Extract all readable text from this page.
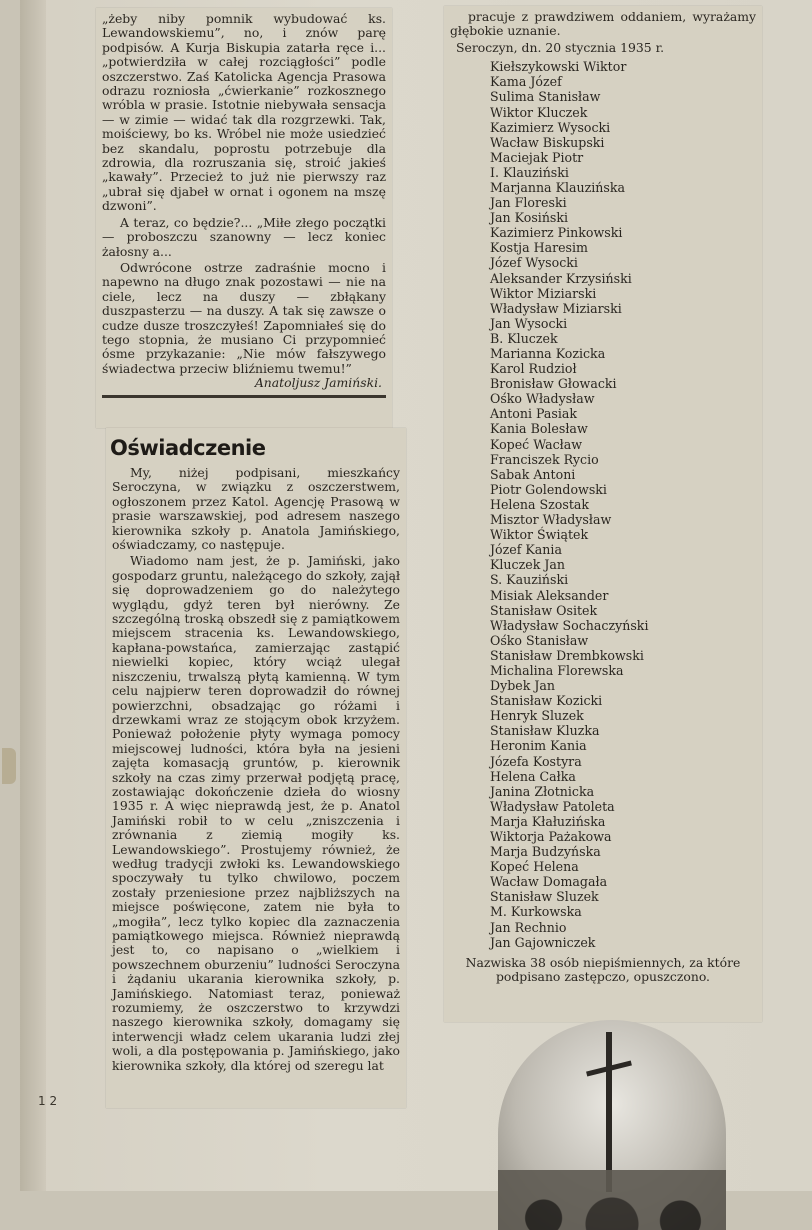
„żeby niby pomnik wybudować ks. Lewandowskiemu”, no, i znów parę podpisów. A Kurja Biskupia zatarła ręce i... „potwierdziła w całej rozciągłości” podle oszczerstwo. Zaś Katolicka Agencja Prasowa odrazu rozniosła „ćwierkanie” rozkosznego wróbla w prasie. Istotnie niebywała sensacja — w zimie — widać tak dla rozgrzewki. Tak, moiściewy, bo ks. Wróbel nie może usiedzieć bez skandalu, poprostu potrzebuje dla zdrowia, dla rozruszania się, stroić jakieś „kawały”. Przecież to już nie pierwszy raz „ubrał się djabeł w ornat i ogonem na mszę dzwoni”.

A teraz, co będzie?... „Miłe złego początki — proboszczu szanowny — lecz koniec żałosny a...

Odwrócone ostrze zadraśnie mocno i napewno na długo znak pozostawi — nie na ciele, lecz na duszy — zbłąkany duszpasterzu — na duszy. A tak się zawsze o cudze dusze troszczyłeś! Zapomniałeś się do tego stopnia, że musiano Ci przypomnieć ósme przykazanie: „Nie mów fałszywego świadectwa przeciw bliźniemu twemu!”

Anatoljusz Jamiński.
Oświadczenie

My, niżej podpisani, mieszkańcy Seroczyna, w związku z oszczerstwem, ogłoszonem przez Katol. Agencję Prasową w prasie warszawskiej, pod adresem naszego kierownika szkoły p. Anatola Jamińskiego, oświadczamy, co następuje.

Wiadomo nam jest, że p. Jamiński, jako gospodarz gruntu, należącego do szkoły, zajął się doprowadzeniem go do należytego wyglądu, gdyż teren był nierówny. Ze szczególną troską obszedł się z pamiątkowem miejscem stracenia ks. Lewandowskiego, kapłana-powstańca, zamierzając zastąpić niewielki kopiec, który wciąż ulegał niszczeniu, trwalszą płytą kamienną. W tym celu najpierw teren doprowadził do równej powierzchni, obsadzając go różami i drzewkami wraz ze stojącym obok krzyżem. Ponieważ położenie płyty wymaga pomocy miejscowej ludności, która była na jesieni zajęta komasacją gruntów, p. kierownik szkoły na czas zimy przerwał podjętą pracę, zostawiając dokończenie dzieła do wiosny 1935 r. A więc nieprawdą jest, że p. Anatol Jamiński robił to w celu „zniszczenia i zrównania z ziemią mogiły ks. Lewandowskiego”. Prostujemy również, że według tradycji zwłoki ks. Lewandowskiego spoczywały tu tylko chwilowo, poczem zostały przeniesione przez najbliższych na miejsce poświęcone, zatem nie była to „mogiła”, lecz tylko kopiec dla zaznaczenia pamiątkowego miejsca. Również nieprawdą jest to, co napisano o „wielkiem i powszechnem oburzeniu” ludności Seroczyna i żądaniu ukarania kierownika szkoły, p. Jamińskiego. Natomiast teraz, ponieważ rozumiemy, że oszczerstwo to krzywdzi naszego kierownika szkoły, domagamy się interwencji władz celem ukarania ludzi złej woli, a dla postępowania p. Jamińskiego, jako kierownika szkoły, dla której od szeregu lat

pracuje z prawdziwem oddaniem, wyrażamy głębokie uznanie.

Seroczyn, dn. 20 stycznia 1935 r.

Kiełszykowski Wiktor
Kama Józef
Sulima Stanisław
Wiktor Kluczek
Kazimierz Wysocki
Wacław Biskupski
Maciejak Piotr
I. Klauziński
Marjanna Klauzińska
Jan Floreski
Jan Kosiński
Kazimierz Pinkowski
Kostja Haresim
Józef Wysocki
Aleksander Krzysiński
Wiktor Miziarski
Władysław Miziarski
Jan Wysocki
B. Kluczek
Marianna Kozicka
Karol Rudzioł
Bronisław Głowacki
Ośko Władysław
Antoni Pasiak
Kania Bolesław
Kopeć Wacław
Franciszek Rycio
Sabak Antoni
Piotr Golendowski
Helena Szostak
Misztor Władysław
Wiktor Świątek
Józef Kania
Kluczek Jan
S. Kauziński
Misiak Aleksander
Stanisław Ositek
Władysław Sochaczyński
Ośko Stanisław
Stanisław Drembkowski
Michalina Florewska
Dybek Jan
Stanisław Kozicki
Henryk Sluzek
Stanisław Kluzka
Heronim Kania
Józefa Kostyra
Helena Całka
Janina Złotnicka
Władysław Patoleta
Marja Kłałuzińska
Wiktorja Pażakowa
Marja Budzyńska
Kopeć Helena
Wacław Domagała
Stanisław Sluzek
M. Kurkowska
Jan Rechnio
Jan Gajowniczek
Nazwiska 38 osób niepiśmiennych, za które podpisano zastępczo, opuszczono.
1 2
